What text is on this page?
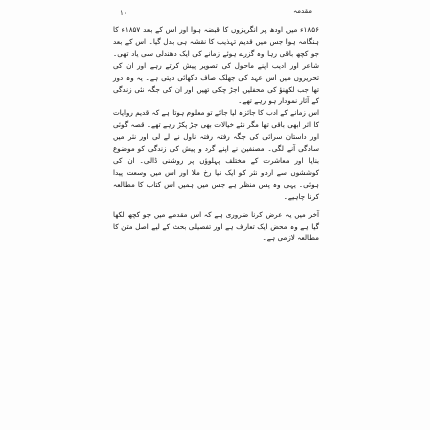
۱۰	مقدمہ

۱۸۵۶ء میں اودھ پر انگریزوں کا قبضہ ہوا اور اس کے بعد ۱۸۵۷ء کا ہنگامہ ہوا جس میں قدیم تہذیب کا نقشہ ہی بدل گیا۔ اس کے بعد جو کچھ باقی رہا وہ گزرے ہوئے زمانے کی ایک دھندلی سی یاد تھی۔ شاعر اور ادیب اپنے ماحول کی تصویر پیش کرتے رہے اور ان کی تحریروں میں اس عہد کی جھلک صاف دکھائی دیتی ہے۔ یہ وہ دور تھا جب لکھنؤ کی محفلیں اجڑ چکی تھیں اور ان کی جگہ نئی زندگی کے آثار نمودار ہو رہے تھے۔

اس زمانے کے ادب کا جائزہ لیا جائے تو معلوم ہوتا ہے کہ قدیم روایات کا اثر ابھی باقی تھا مگر نئے خیالات بھی جڑ پکڑ رہے تھے۔ قصہ گوئی اور داستان سرائی کی جگہ رفتہ رفتہ ناول نے لے لی اور نثر میں سادگی آنے لگی۔ مصنفین نے اپنے گرد و پیش کی زندگی کو موضوع بنایا اور معاشرت کے مختلف پہلوؤں پر روشنی ڈالی۔ ان کی کوششوں سے اردو نثر کو ایک نیا رخ ملا اور اس میں وسعت پیدا ہوئی۔ یہی وہ پس منظر ہے جس میں ہمیں اس کتاب کا مطالعہ کرنا چاہیے۔

آخر میں یہ عرض کرنا ضروری ہے کہ اس مقدمے میں جو کچھ لکھا گیا ہے وہ محض ایک تعارف ہے اور تفصیلی بحث کے لیے اصل متن کا مطالعہ لازمی ہے۔
